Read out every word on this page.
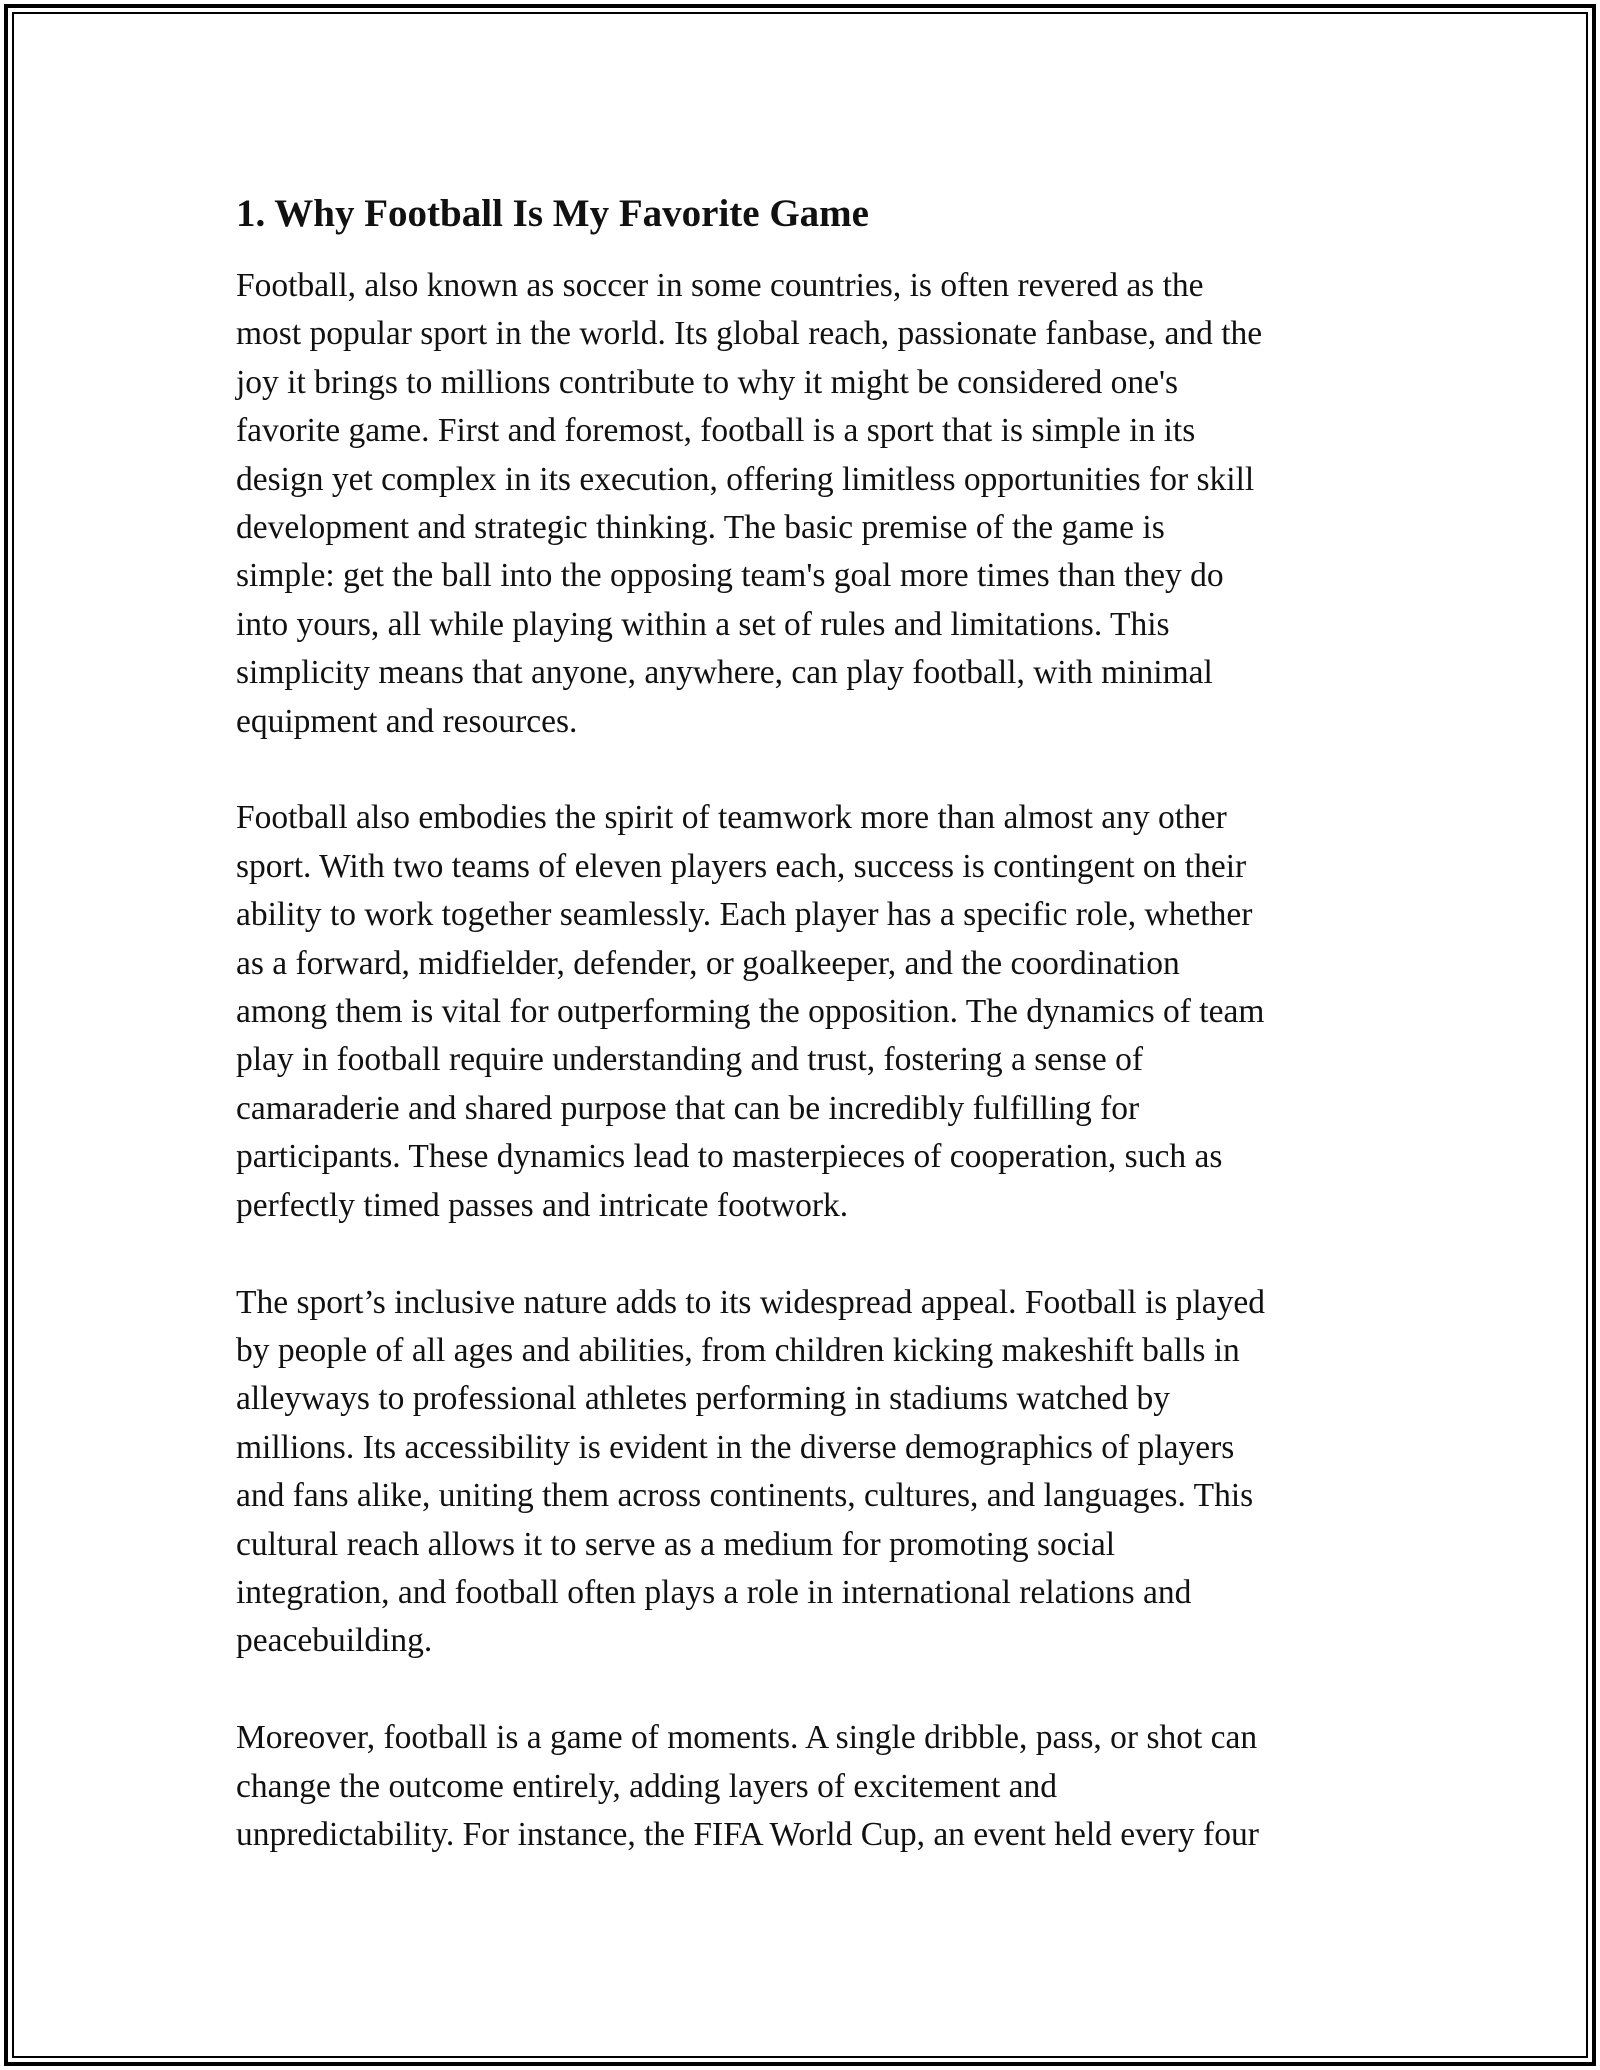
1. Why Football Is My Favorite Game

Football, also known as soccer in some countries, is often revered as the
most popular sport in the world. Its global reach, passionate fanbase, and the
joy it brings to millions contribute to why it might be considered one's
favorite game. First and foremost, football is a sport that is simple in its
design yet complex in its execution, offering limitless opportunities for skill
development and strategic thinking. The basic premise of the game is
simple: get the ball into the opposing team's goal more times than they do
into yours, all while playing within a set of rules and limitations. This
simplicity means that anyone, anywhere, can play football, with minimal
equipment and resources.

Football also embodies the spirit of teamwork more than almost any other
sport. With two teams of eleven players each, success is contingent on their
ability to work together seamlessly. Each player has a specific role, whether
as a forward, midfielder, defender, or goalkeeper, and the coordination
among them is vital for outperforming the opposition. The dynamics of team
play in football require understanding and trust, fostering a sense of
camaraderie and shared purpose that can be incredibly fulfilling for
participants. These dynamics lead to masterpieces of cooperation, such as
perfectly timed passes and intricate footwork.

The sport’s inclusive nature adds to its widespread appeal. Football is played
by people of all ages and abilities, from children kicking makeshift balls in
alleyways to professional athletes performing in stadiums watched by
millions. Its accessibility is evident in the diverse demographics of players
and fans alike, uniting them across continents, cultures, and languages. This
cultural reach allows it to serve as a medium for promoting social
integration, and football often plays a role in international relations and
peacebuilding.

Moreover, football is a game of moments. A single dribble, pass, or shot can
change the outcome entirely, adding layers of excitement and
unpredictability. For instance, the FIFA World Cup, an event held every four
